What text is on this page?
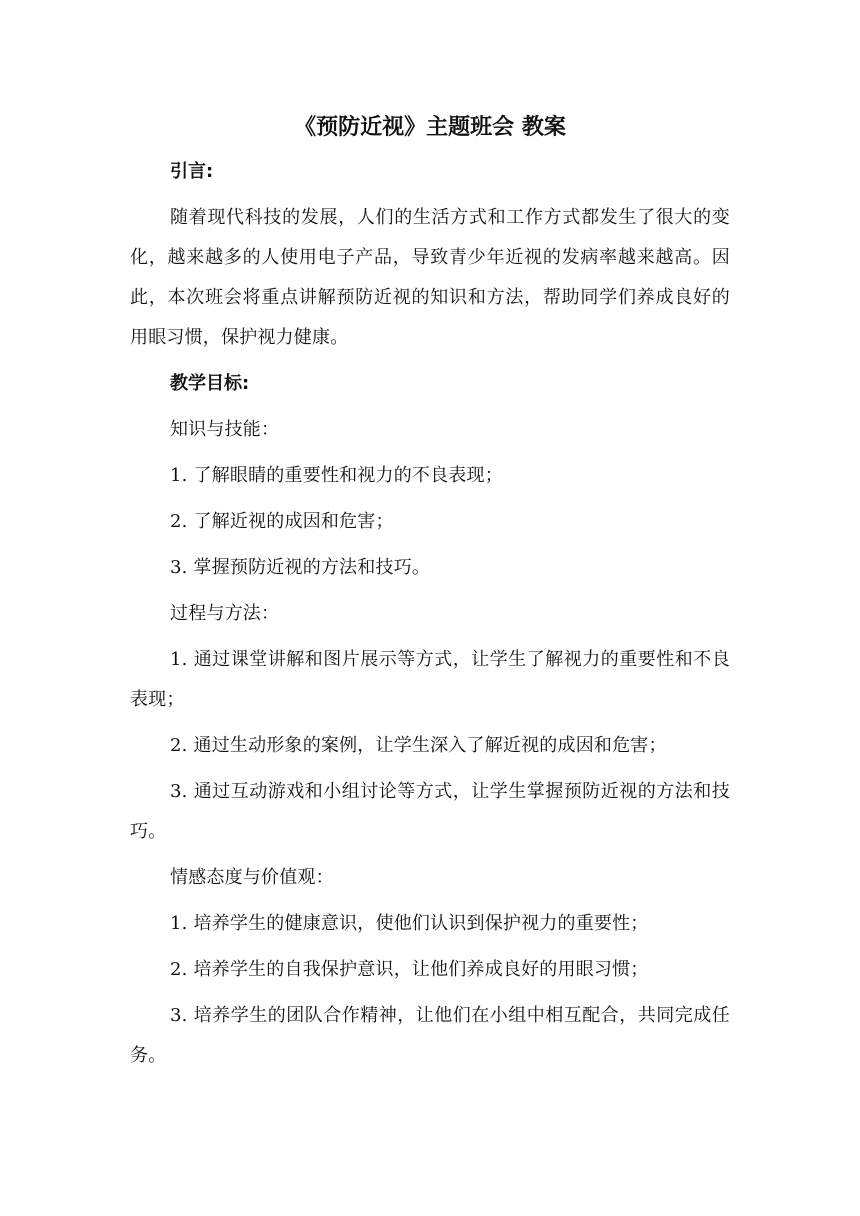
《预防近视》主题班会 教案
引言:

随着现代科技的发展，人们的生活方式和工作方式都发生了很大的变化，越来越多的人使用电子产品，导致青少年近视的发病率越来越高。因此，本次班会将重点讲解预防近视的知识和方法，帮助同学们养成良好的用眼习惯，保护视力健康。

教学目标:

知识与技能：

1. 了解眼睛的重要性和视力的不良表现；

2. 了解近视的成因和危害；

3. 掌握预防近视的方法和技巧。

过程与方法：

1. 通过课堂讲解和图片展示等方式，让学生了解视力的重要性和不良表现；

2. 通过生动形象的案例，让学生深入了解近视的成因和危害；

3. 通过互动游戏和小组讨论等方式，让学生掌握预防近视的方法和技巧。

情感态度与价值观：

1. 培养学生的健康意识，使他们认识到保护视力的重要性；

2. 培养学生的自我保护意识，让他们养成良好的用眼习惯；

3. 培养学生的团队合作精神，让他们在小组中相互配合，共同完成任务。
